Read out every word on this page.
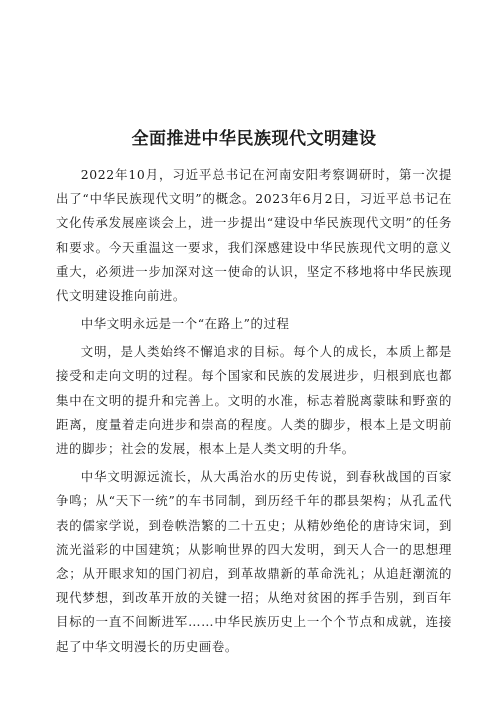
全面推进中华民族现代文明建设

2022年10月，习近平总书记在河南安阳考察调研时，第一次提出了“中华民族现代文明”的概念。2023年6月2日，习近平总书记在文化传承发展座谈会上，进一步提出“建设中华民族现代文明”的任务和要求。今天重温这一要求，我们深感建设中华民族现代文明的意义重大，必须进一步加深对这一使命的认识，坚定不移地将中华民族现代文明建设推向前进。

中华文明永远是一个“在路上”的过程

文明，是人类始终不懈追求的目标。每个人的成长，本质上都是接受和走向文明的过程。每个国家和民族的发展进步，归根到底也都集中在文明的提升和完善上。文明的水准，标志着脱离蒙昧和野蛮的距离，度量着走向进步和崇高的程度。人类的脚步，根本上是文明前进的脚步；社会的发展，根本上是人类文明的升华。

中华文明源远流长，从大禹治水的历史传说，到春秋战国的百家争鸣；从“天下一统”的车书同制，到历经千年的郡县架构；从孔孟代表的儒家学说，到卷帙浩繁的二十五史；从精妙绝伦的唐诗宋词，到流光溢彩的中国建筑；从影响世界的四大发明，到天人合一的思想理念；从开眼求知的国门初启，到革故鼎新的革命洗礼；从追赶潮流的现代梦想，到改革开放的关键一招；从绝对贫困的挥手告别，到百年目标的一直不间断进军……中华民族历史上一个个节点和成就，连接起了中华文明漫长的历史画卷。
